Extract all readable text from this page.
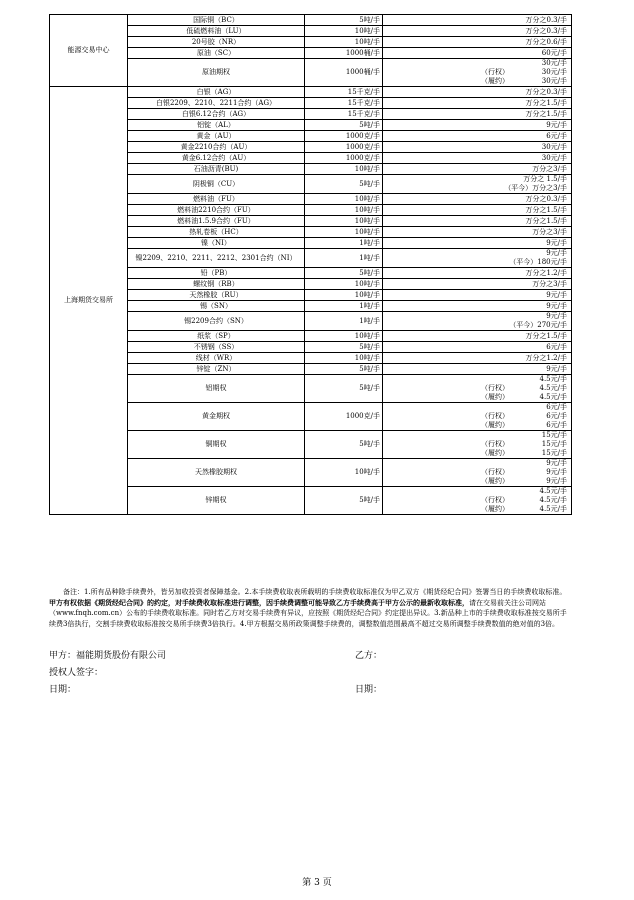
能源交易中心	国际铜（BC）	5吨/手	万分之0.3/手

	低硫燃料油（LU）	10吨/手	万分之0.3/手

	20号胶（NR）	10吨/手	万分之0.6/手

	原油（SC）	1000桶/手	60元/手

	原油期权	1000桶/手	30元/手
（行权） 30元/手
（履约） 30元/手

上海期货交易所	白银（AG）	15千克/手	万分之0.3/手

	白银2209、2210、2211合约（AG）	15千克/手	万分之1.5/手

	白银6.12合约（AG）	15千克/手	万分之1.5/手

	铝锭（AL）	5吨/手	9元/手

	黄金（AU）	1000克/手	6元/手

	黄金2210合约（AU）	1000克/手	30元/手

	黄金6.12合约（AU）	1000克/手	30元/手

	石油沥青(BU)	10吨/手	万分之3/手

	阴极铜（CU）	5吨/手	万分之 1.5/手
（平今）万分之3/手

	燃料油（FU）	10吨/手	万分之0.3/手

	燃料油2210合约（FU）	10吨/手	万分之1.5/手

	燃料油1.5.9合约（FU）	10吨/手	万分之1.5/手

	热轧卷板（HC）	10吨/手	万分之3/手

	镍（NI）	1吨/手	9元/手

	镍2209、2210、2211、2212、2301合约（NI）	1吨/手	9元/手
（平今）180元/手

	铅（PB）	5吨/手	万分之1.2/手

	螺纹钢（RB）	10吨/手	万分之3/手

	天然橡胶（RU）	10吨/手	9元/手

	锡（SN）	1吨/手	9元/手

	锡2209合约（SN）	1吨/手	9元/手
（平今）270元/手

	纸浆（SP）	10吨/手	万分之1.5/手

	不锈钢（SS）	5吨/手	6元/手

	线材（WR）	10吨/手	万分之1.2/手

	锌锭（ZN）	5吨/手	9元/手

	铝期权	5吨/手	4.5元/手
（行权） 4.5元/手
（履约） 4.5元/手

	黄金期权	1000克/手	6元/手
（行权） 6元/手
（履约） 6元/手

	铜期权	5吨/手	15元/手
（行权） 15元/手
（履约） 15元/手

	天然橡胶期权	10吨/手	9元/手
（行权） 9元/手
（履约） 9元/手

	锌期权	5吨/手	4.5元/手
（行权） 4.5元/手
（履约） 4.5元/手
备注：1.所有品种除手续费外，皆另加收投资者保障基金。2.本手续费收取表所载明的手续费收取标准仅为甲乙双方《期货经纪合同》签署当日的手续费收取标准。甲方有权依据《期货经纪合同》的约定，对手续费收取标准进行调整，因手续费调整可能导致乙方手续费高于甲方公示的最新收取标准，请在交易前关注公司网站（www.fnqh.com.cn）公布的手续费收取标准。同时若乙方对交易手续费有异议，应按照《期货经纪合同》约定提出异议。3.新品种上市的手续费收取标准按交易所手续费3倍执行，交割手续费收取标准按交易所手续费3倍执行。4.甲方根据交易所政策调整手续费的，调整数值范围最高不超过交易所调整手续费数值的绝对值的3倍。
甲方：福能期货股份有限公司	乙方：
授权人签字：
日期：	日期：
第 3 页
